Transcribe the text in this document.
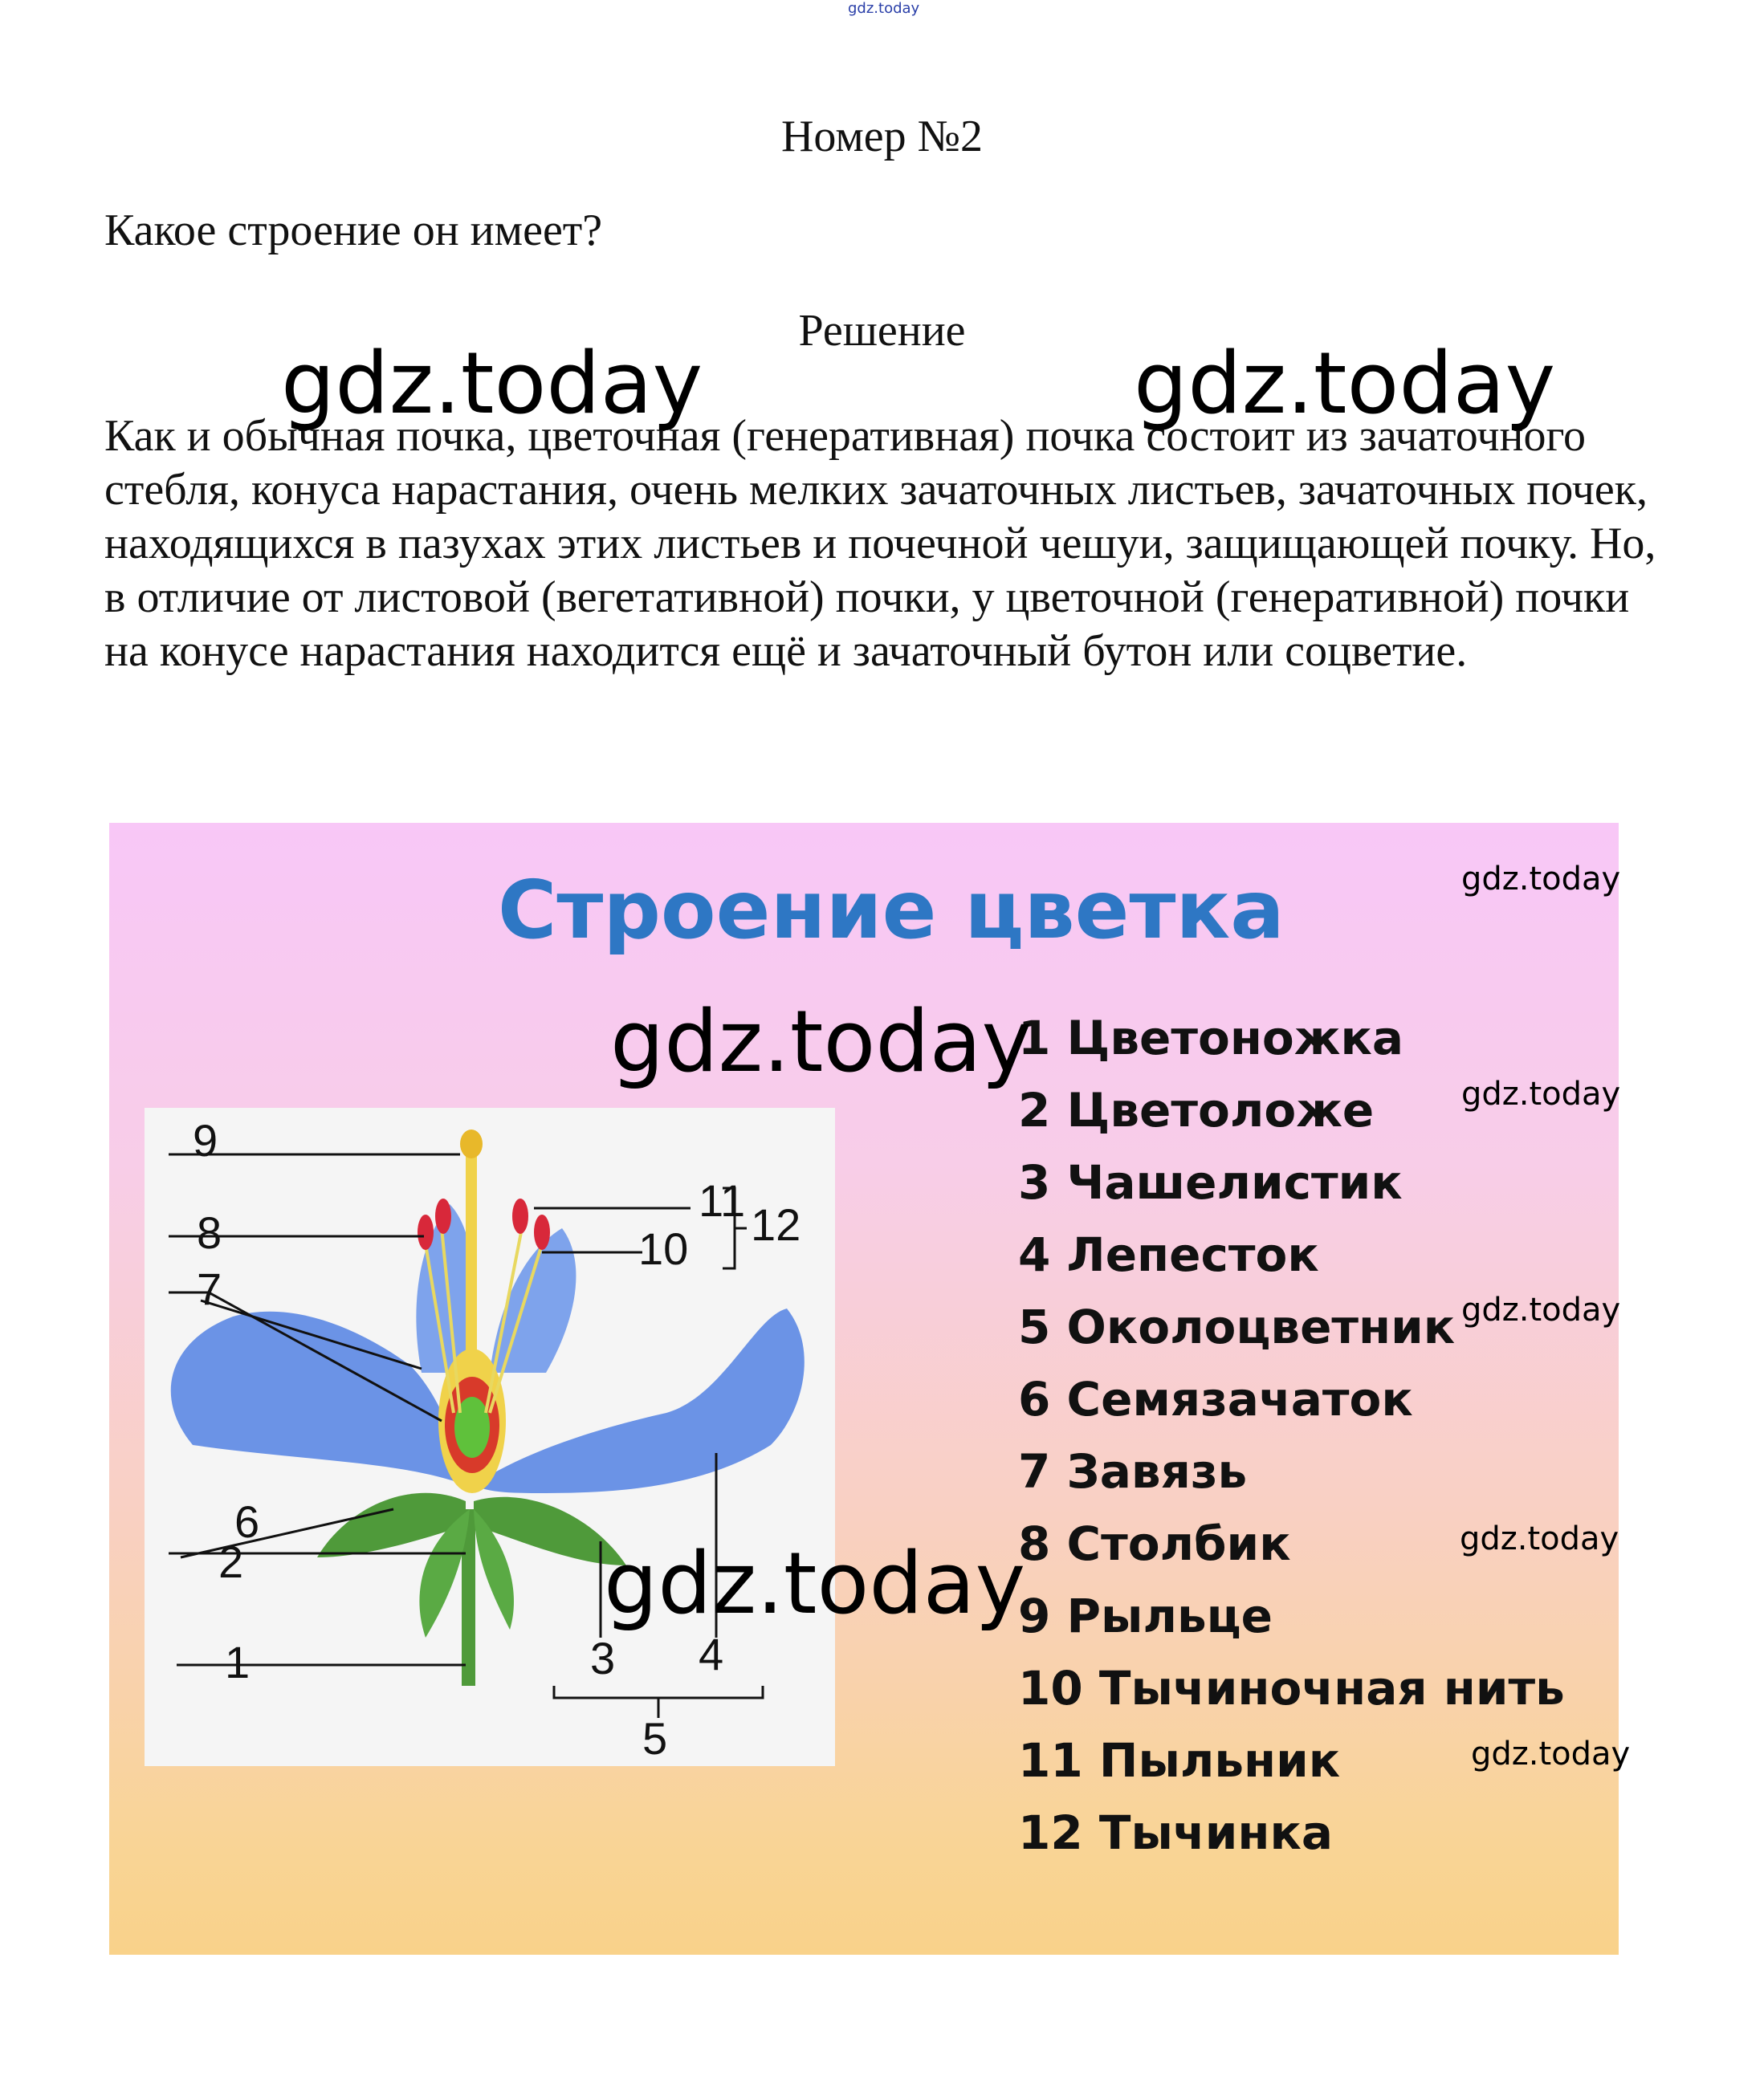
gdz.today
Номер №2
Какое строение он имеет?
Решение
Как и обычная почка, цветочная (генеративная) почка состоит из зачаточного стебля, конуса нарастания, очень мелких зачаточных листьев, зачаточных почек, находящихся в пазухах этих листьев и почечной чешуи, защищающей почку. Но, в отличие от листовой (вегетативной) почки, у цветочной (генеративной) почки на конусе нарастания находится ещё и зачаточный бутон или соцветие.
Строение цветка
9
8
7
6
2
1
11
10 12
3 4
5
1 Цветоножка
2 Цветоложе
3 Чашелистик
4 Лепесток
5 Околоцветник
6 Семязачаток
7 Завязь
8 Столбик
9 Рыльце
10 Тычиночная нить
11 Пыльник
12 Тычинка
gdz.today	gdz.today
gdz.today
gdz.today
gdz.today
gdz.today
gdz.today	gdz.today
gdz.today
